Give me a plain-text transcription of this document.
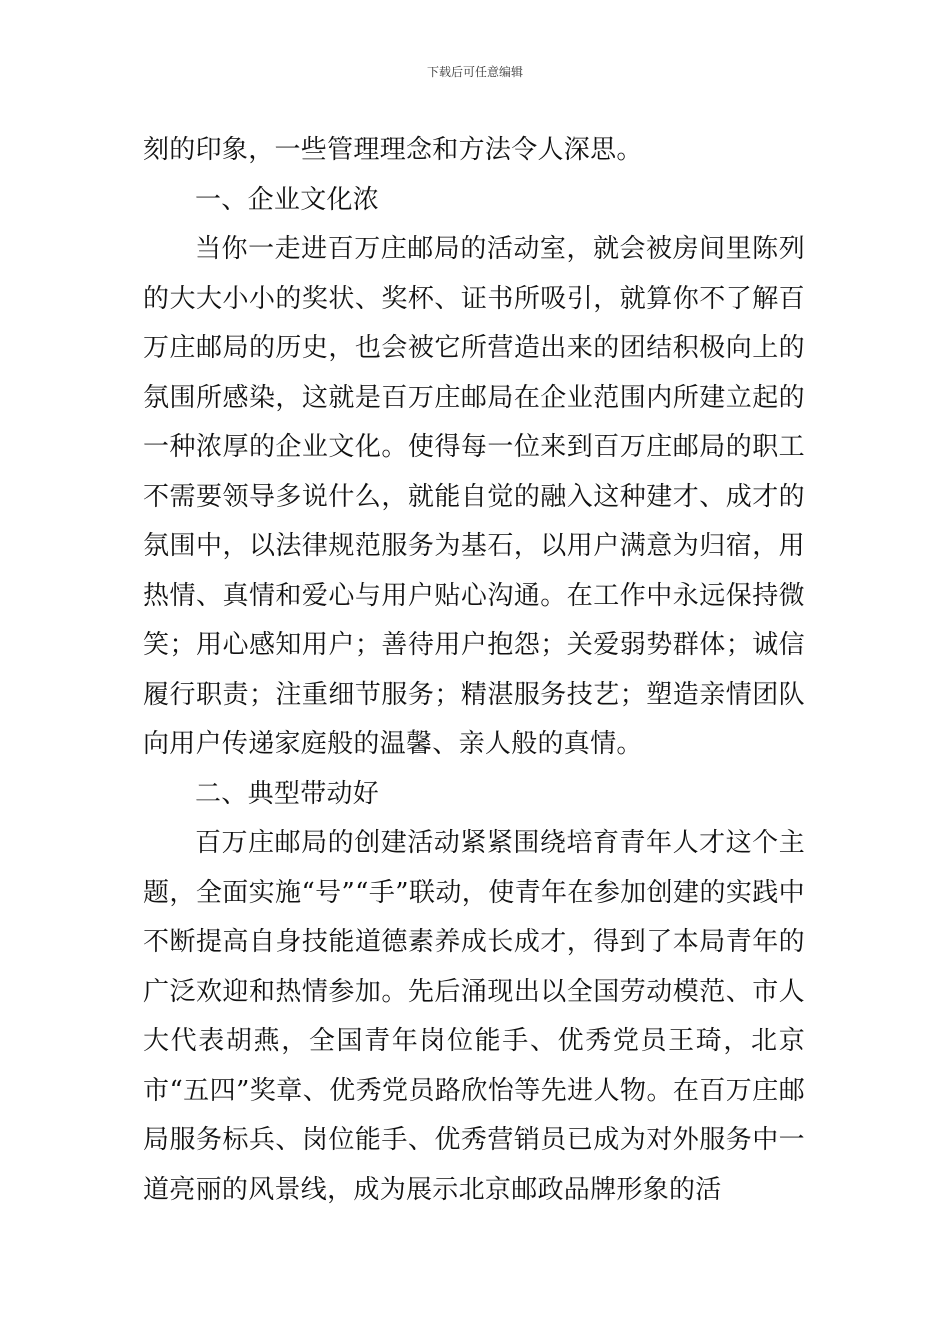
下载后可任意编辑

刻的印象，一些管理理念和方法令人深思。

一、企业文化浓

当你一走进百万庄邮局的活动室，就会被房间里陈列的大大小小的奖状、奖杯、证书所吸引，就算你不了解百万庄邮局的历史，也会被它所营造出来的团结积极向上的氛围所感染，这就是百万庄邮局在企业范围内所建立起的一种浓厚的企业文化。使得每一位来到百万庄邮局的职工不需要领导多说什么，就能自觉的融入这种建才、成才的氛围中，以法律规范服务为基石，以用户满意为归宿，用热情、真情和爱心与用户贴心沟通。在工作中永远保持微笑；用心感知用户；善待用户抱怨；关爱弱势群体；诚信履行职责；注重细节服务；精湛服务技艺；塑造亲情团队向用户传递家庭般的温馨、亲人般的真情。

二、典型带动好

百万庄邮局的创建活动紧紧围绕培育青年人才这个主题，全面实施“号”“手”联动，使青年在参加创建的实践中不断提高自身技能道德素养成长成才，得到了本局青年的广泛欢迎和热情参加。先后涌现出以全国劳动模范、市人大代表胡燕，全国青年岗位能手、优秀党员王琦，北京市“五四”奖章、优秀党员路欣怡等先进人物。在百万庄邮局服务标兵、岗位能手、优秀营销员已成为对外服务中一道亮丽的风景线，成为展示北京邮政品牌形象的活
